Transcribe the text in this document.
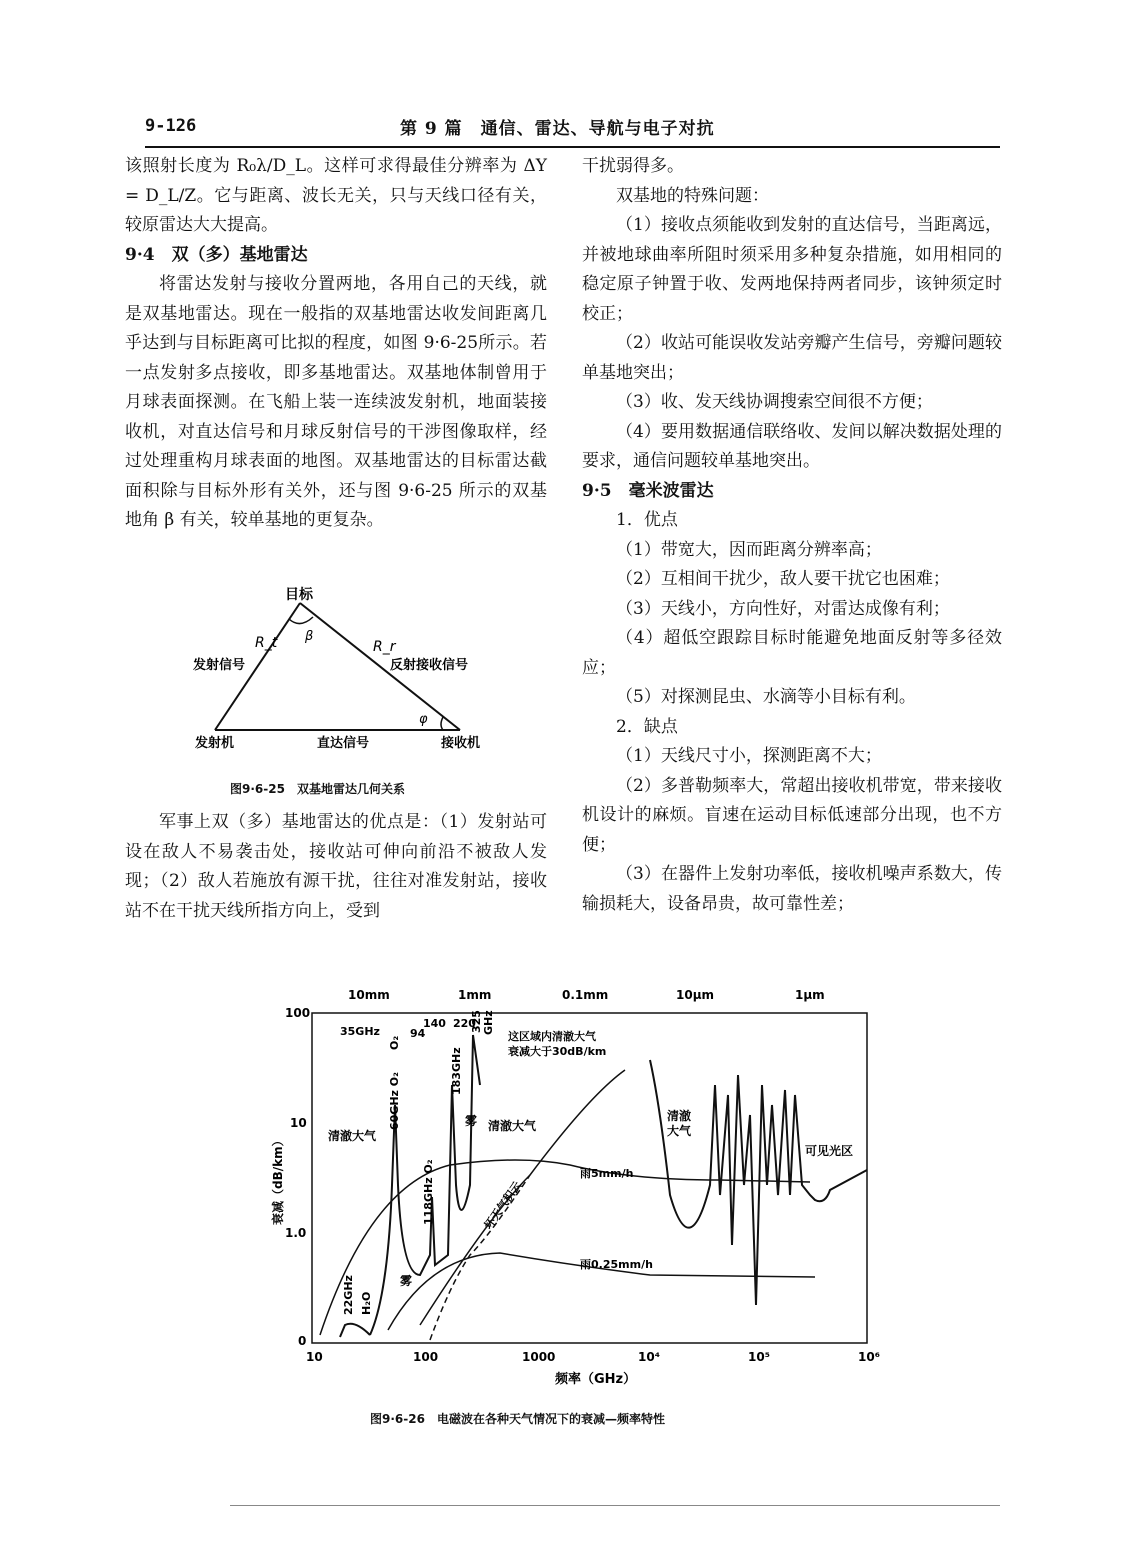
9-126	第 9 篇　通信、雷达、导航与电子对抗

该照射长度为 R₀λ/D_L。这样可求得最佳分辨率为 ΔY = D_L/Z。它与距离、波长无关，只与天线口径有关，较原雷达大大提高。

9·4　双（多）基地雷达

将雷达发射与接收分置两地，各用自己的天线，就是双基地雷达。现在一般指的双基地雷达收发间距离几乎达到与目标距离可比拟的程度，如图 9·6-25所示。若一点发射多点接收，即多基地雷达。双基地体制曾用于月球表面探测。在飞船上装一连续波发射机，地面装接收机，对直达信号和月球反射信号的干涉图像取样，经过处理重构月球表面的地图。双基地雷达的目标雷达截面积除与目标外形有关外，还与图 9·6-25 所示的双基地角 β 有关，较单基地的更复杂。

目标
R_t	R_r
β
φ
发射信号	反射接收信号
发射机	直达信号	接收机
图9·6-25　双基地雷达几何关系

军事上双（多）基地雷达的优点是：（1）发射站可设在敌人不易袭击处，接收站可伸向前沿不被敌人发现；（2）敌人若施放有源干扰，往往对准发射站，接收站不在干扰天线所指方向上，受到

干扰弱得多。

双基地的特殊问题：

（1）接收点须能收到发射的直达信号，当距离远，并被地球曲率所阻时须采用多种复杂措施，如用相同的稳定原子钟置于收、发两地保持两者同步，该钟须定时校正；

（2）收站可能误收发站旁瓣产生信号，旁瓣问题较单基地突出；

（3）收、发天线协调搜索空间很不方便；

（4）要用数据通信联络收、发间以解决数据处理的要求，通信问题较单基地突出。

9·5　毫米波雷达

1．优点

（1）带宽大，因而距离分辨率高；

（2）互相间干扰少，敌人要干扰它也困难；

（3）天线小，方向性好，对雷达成像有利；

（4）超低空跟踪目标时能避免地面反射等多径效应；

（5）对探测昆虫、水滴等小目标有利。

2．缺点

（1）天线尺寸小，探测距离不大；

（2）多普勒频率大，常超出接收机带宽，带来接收机设计的麻烦。盲速在运动目标低速部分出现，也不方便；

（3）在器件上发射功率低，接收机噪声系数大，传输损耗大，设备昂贵，故可靠性差；

10mm	1mm	0.1mm	10μm	1μm
100
10
1.0
0
10	100	1000	10⁴	10⁵	10⁶
频率（GHz）
衰减（dB/km）
35GHz
O₂
94
140 220
325 GHz
60GHz O₂
183GHz
118GHz O₂
22GHz H₂O
雾
雾
清澈大气
清澈大气
清澈
大气
这区域内清澈大气
衰减大于30dB/km
雨5mm/h
雨0.25mm/h
坏天气积云
可见光区
图9·6-26　电磁波在各种天气情况下的衰减—频率特性
